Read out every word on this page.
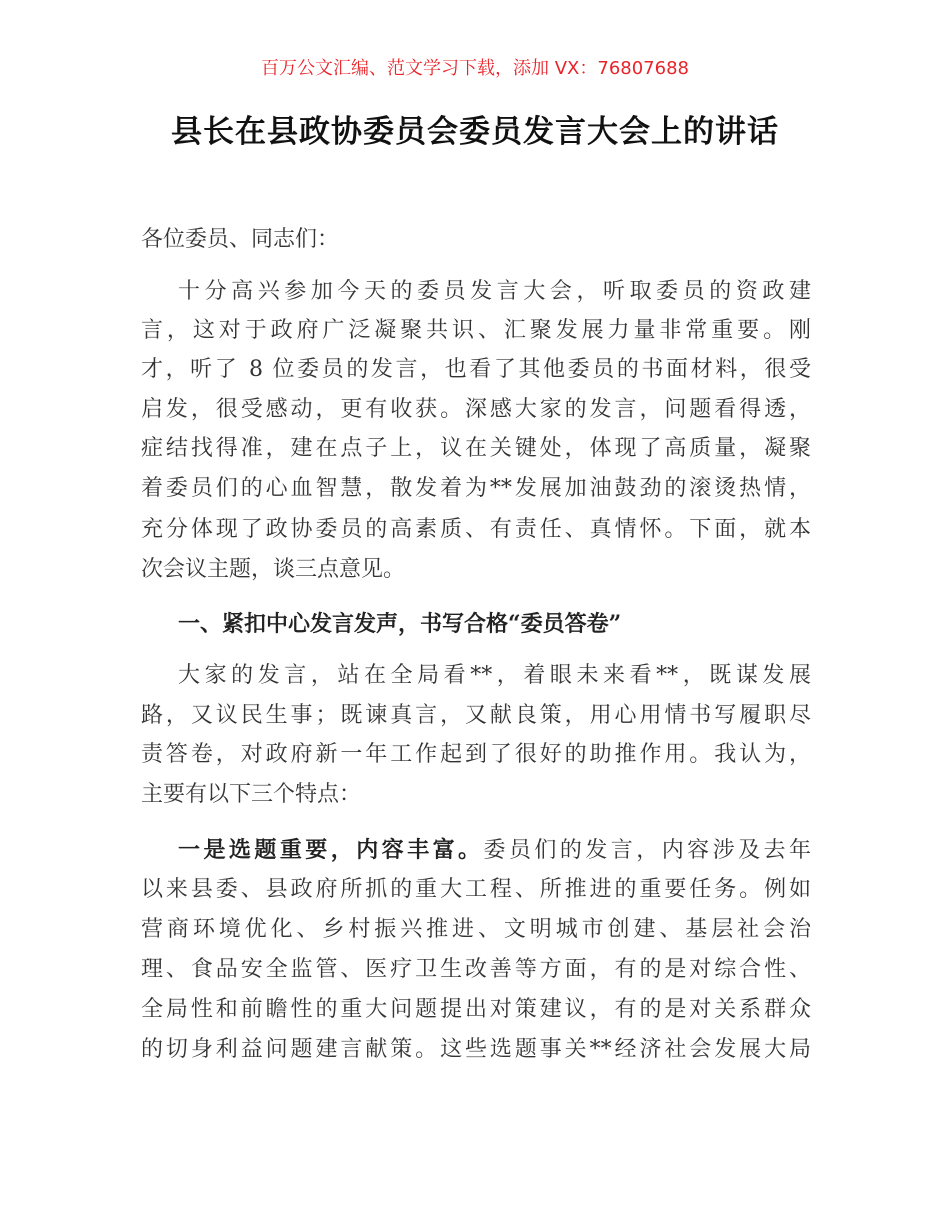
百万公文汇编、范文学习下载，添加 VX：76807688
县长在县政协委员会委员发言大会上的讲话
各位委员、同志们：
十分高兴参加今天的委员发言大会，听取委员的资政建
言，这对于政府广泛凝聚共识、汇聚发展力量非常重要。刚
才，听了 8 位委员的发言，也看了其他委员的书面材料，很受
启发，很受感动，更有收获。深感大家的发言，问题看得透，
症结找得准，建在点子上，议在关键处，体现了高质量，凝聚
着委员们的心血智慧，散发着为**发展加油鼓劲的滚烫热情，
充分体现了政协委员的高素质、有责任、真情怀。下面，就本
次会议主题，谈三点意见。
一、紧扣中心发言发声，书写合格“委员答卷”
大家的发言，站在全局看**，着眼未来看**，既谋发展
路，又议民生事；既谏真言，又献良策，用心用情书写履职尽
责答卷，对政府新一年工作起到了很好的助推作用。我认为，
主要有以下三个特点：
一是选题重要，内容丰富。委员们的发言，内容涉及去年
以来县委、县政府所抓的重大工程、所推进的重要任务。例如
营商环境优化、乡村振兴推进、文明城市创建、基层社会治
理、食品安全监管、医疗卫生改善等方面，有的是对综合性、
全局性和前瞻性的重大问题提出对策建议，有的是对关系群众
的切身利益问题建言献策。这些选题事关**经济社会发展大局
